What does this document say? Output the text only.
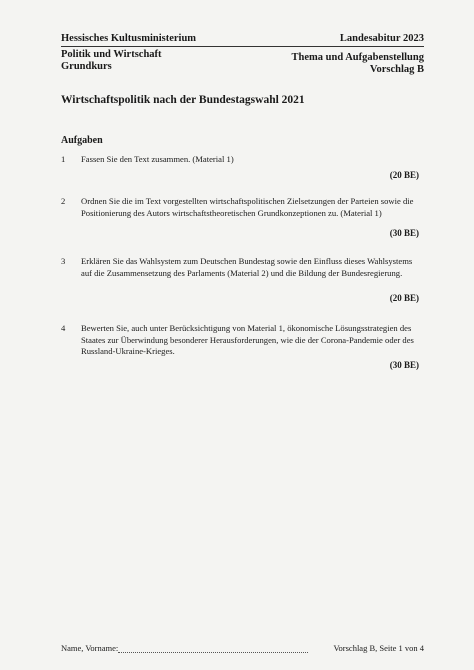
Hessisches Kultusministerium	Landesabitur 2023
Politik und Wirtschaft	Thema und Aufgabenstellung
Grundkurs	Vorschlag B
Wirtschaftspolitik nach der Bundestagswahl 2021
Aufgaben
1 Fassen Sie den Text zusammen. (Material 1)
(20 BE)
2 Ordnen Sie die im Text vorgestellten wirtschaftspolitischen Zielsetzungen der Parteien sowie die Positionierung des Autors wirtschaftstheoretischen Grundkonzeptionen zu. (Material 1)
(30 BE)
3 Erklären Sie das Wahlsystem zum Deutschen Bundestag sowie den Einfluss dieses Wahlsystems auf die Zusammensetzung des Parlaments (Material 2) und die Bildung der Bundesregierung.
(20 BE)
4 Bewerten Sie, auch unter Berücksichtigung von Material 1, ökonomische Lösungsstrategien des Staates zur Überwindung besonderer Herausforderungen, wie die der Corona-Pandemie oder des Russland-Ukraine-Krieges.
(30 BE)
Name, Vorname:	Vorschlag B, Seite 1 von 4
